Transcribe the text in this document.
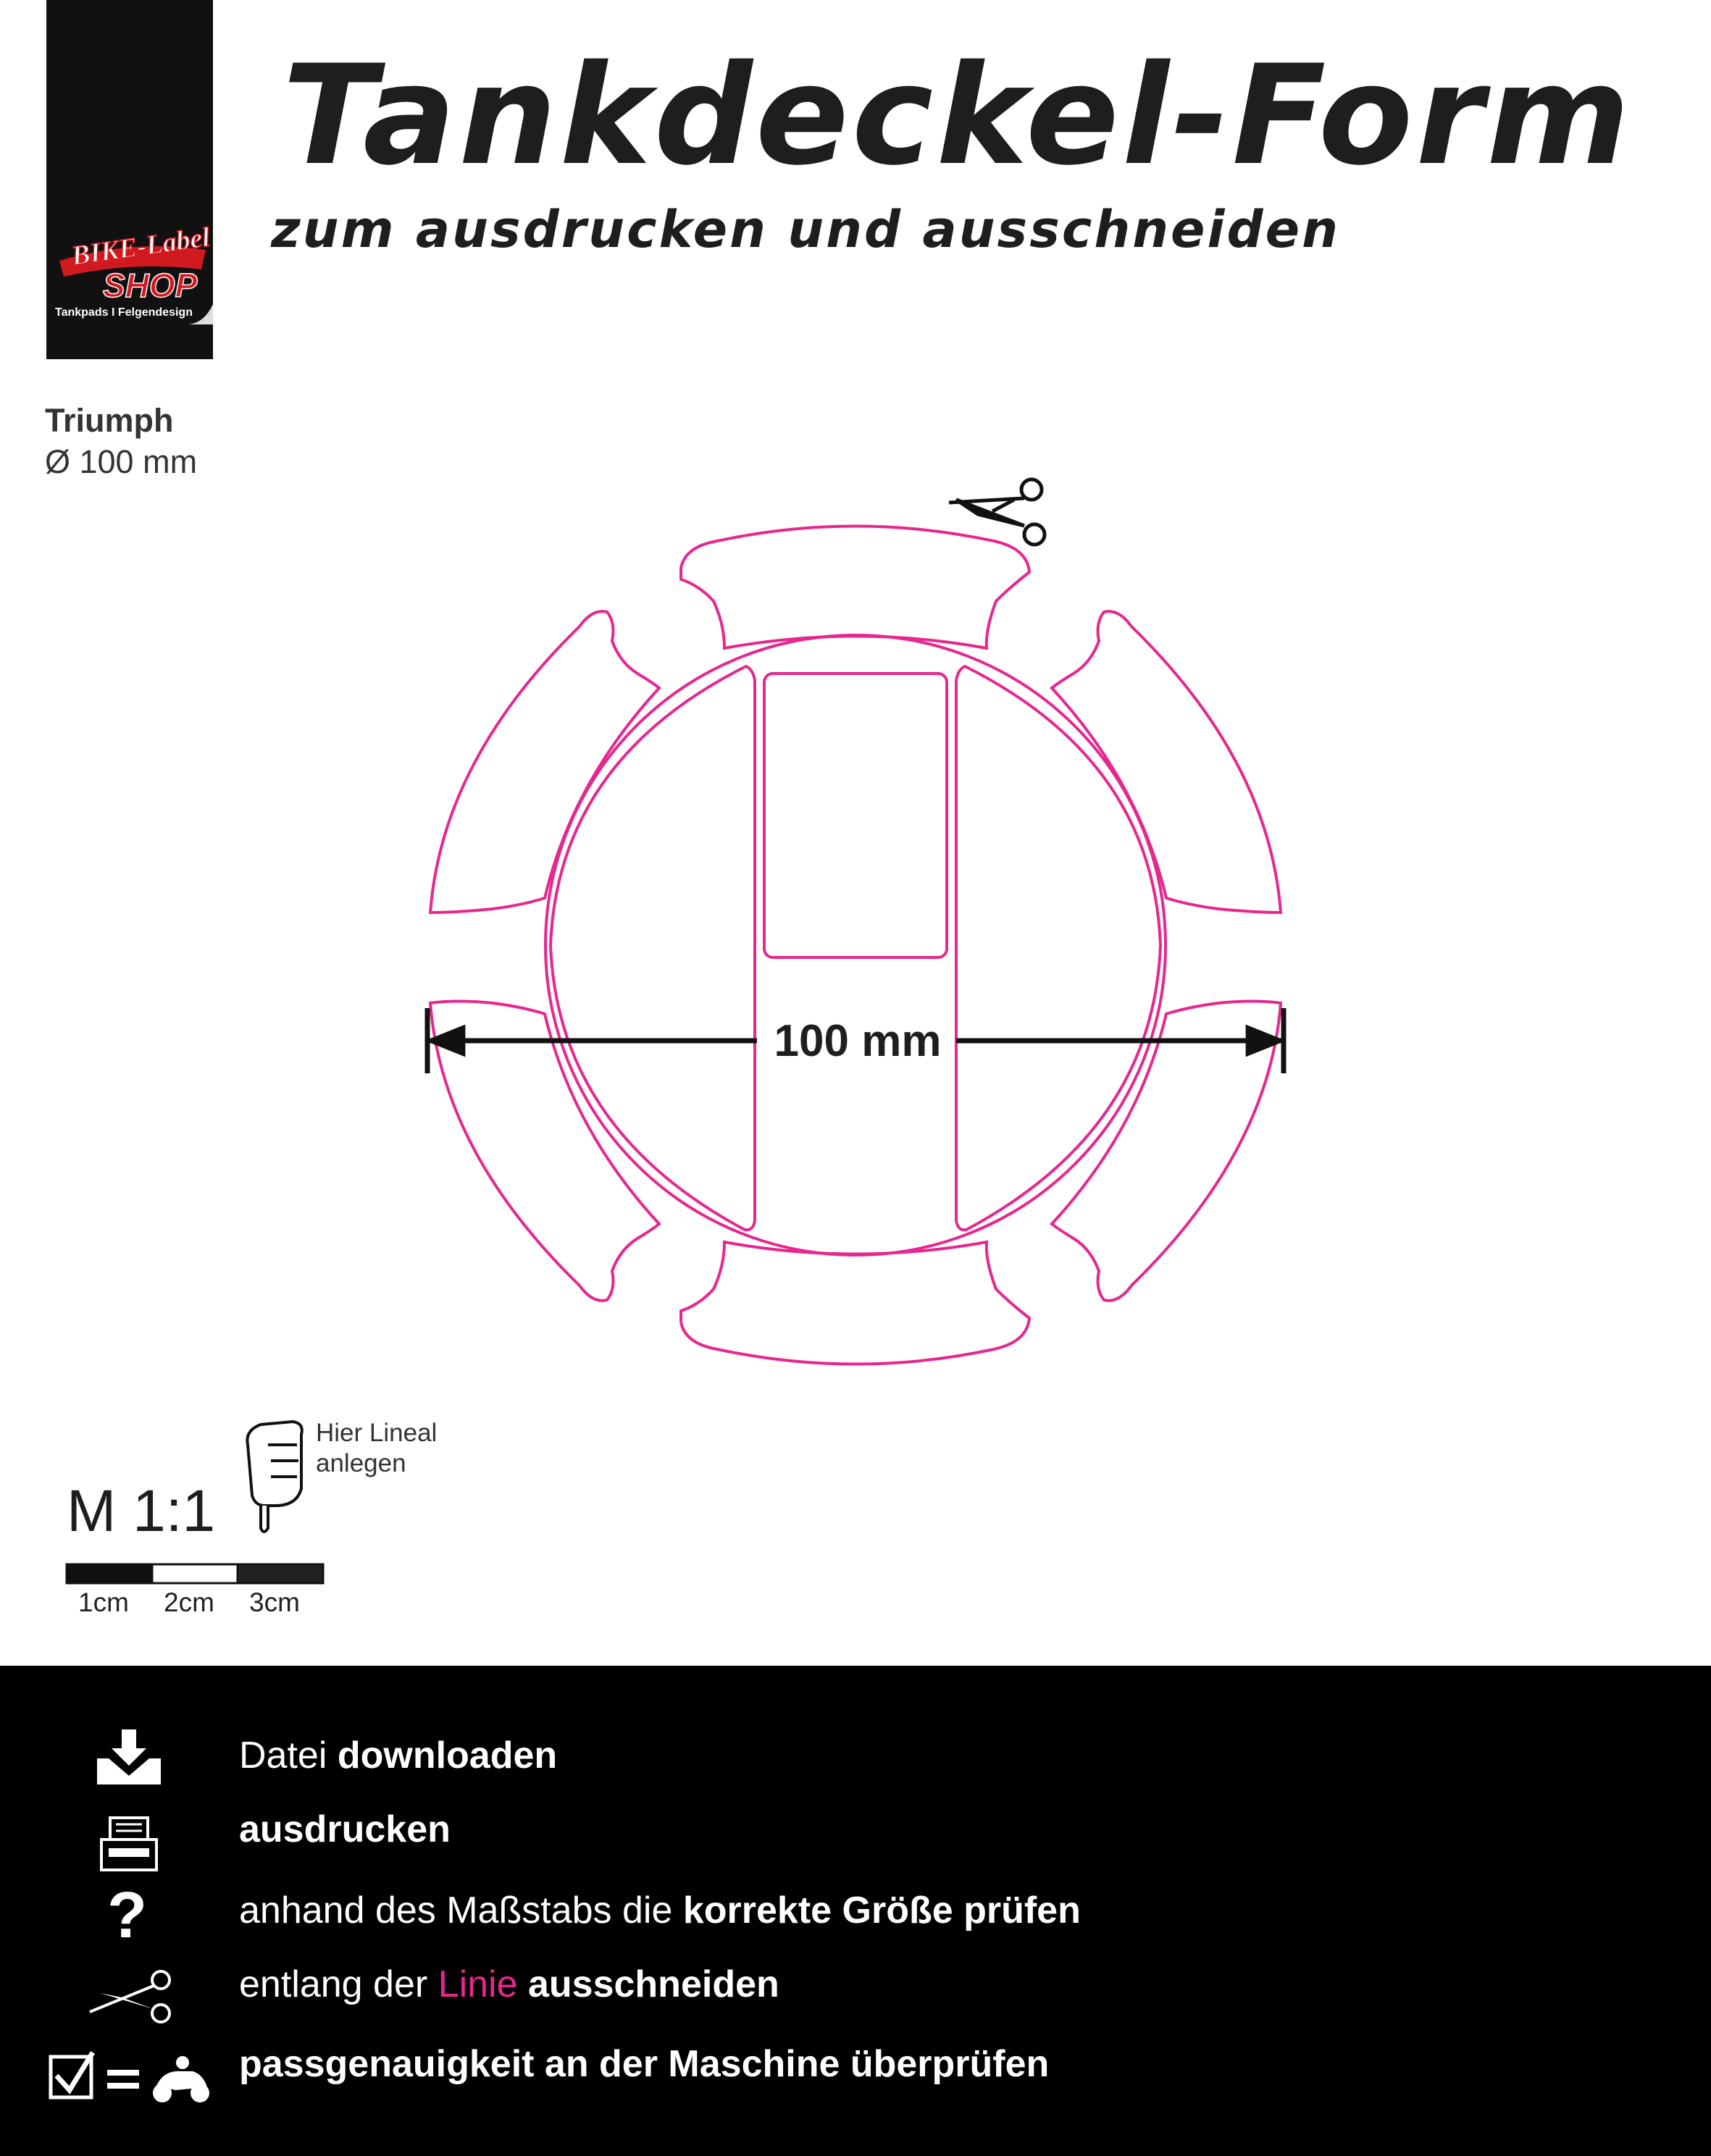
BIKE-Label
SHOP
Tankpads I Felgendesign
Tankdeckel-Form
zum ausdrucken und ausschneiden
Triumph
Ø 100 mm
100 mm
M 1:1
Hier Lineal
anlegen
1cm 2cm 3cm
Datei downloaden
ausdrucken
? anhand des Maßstabs die korrekte Größe prüfen
entlang der Linie ausschneiden
passgenauigkeit an der Maschine überprüfen
